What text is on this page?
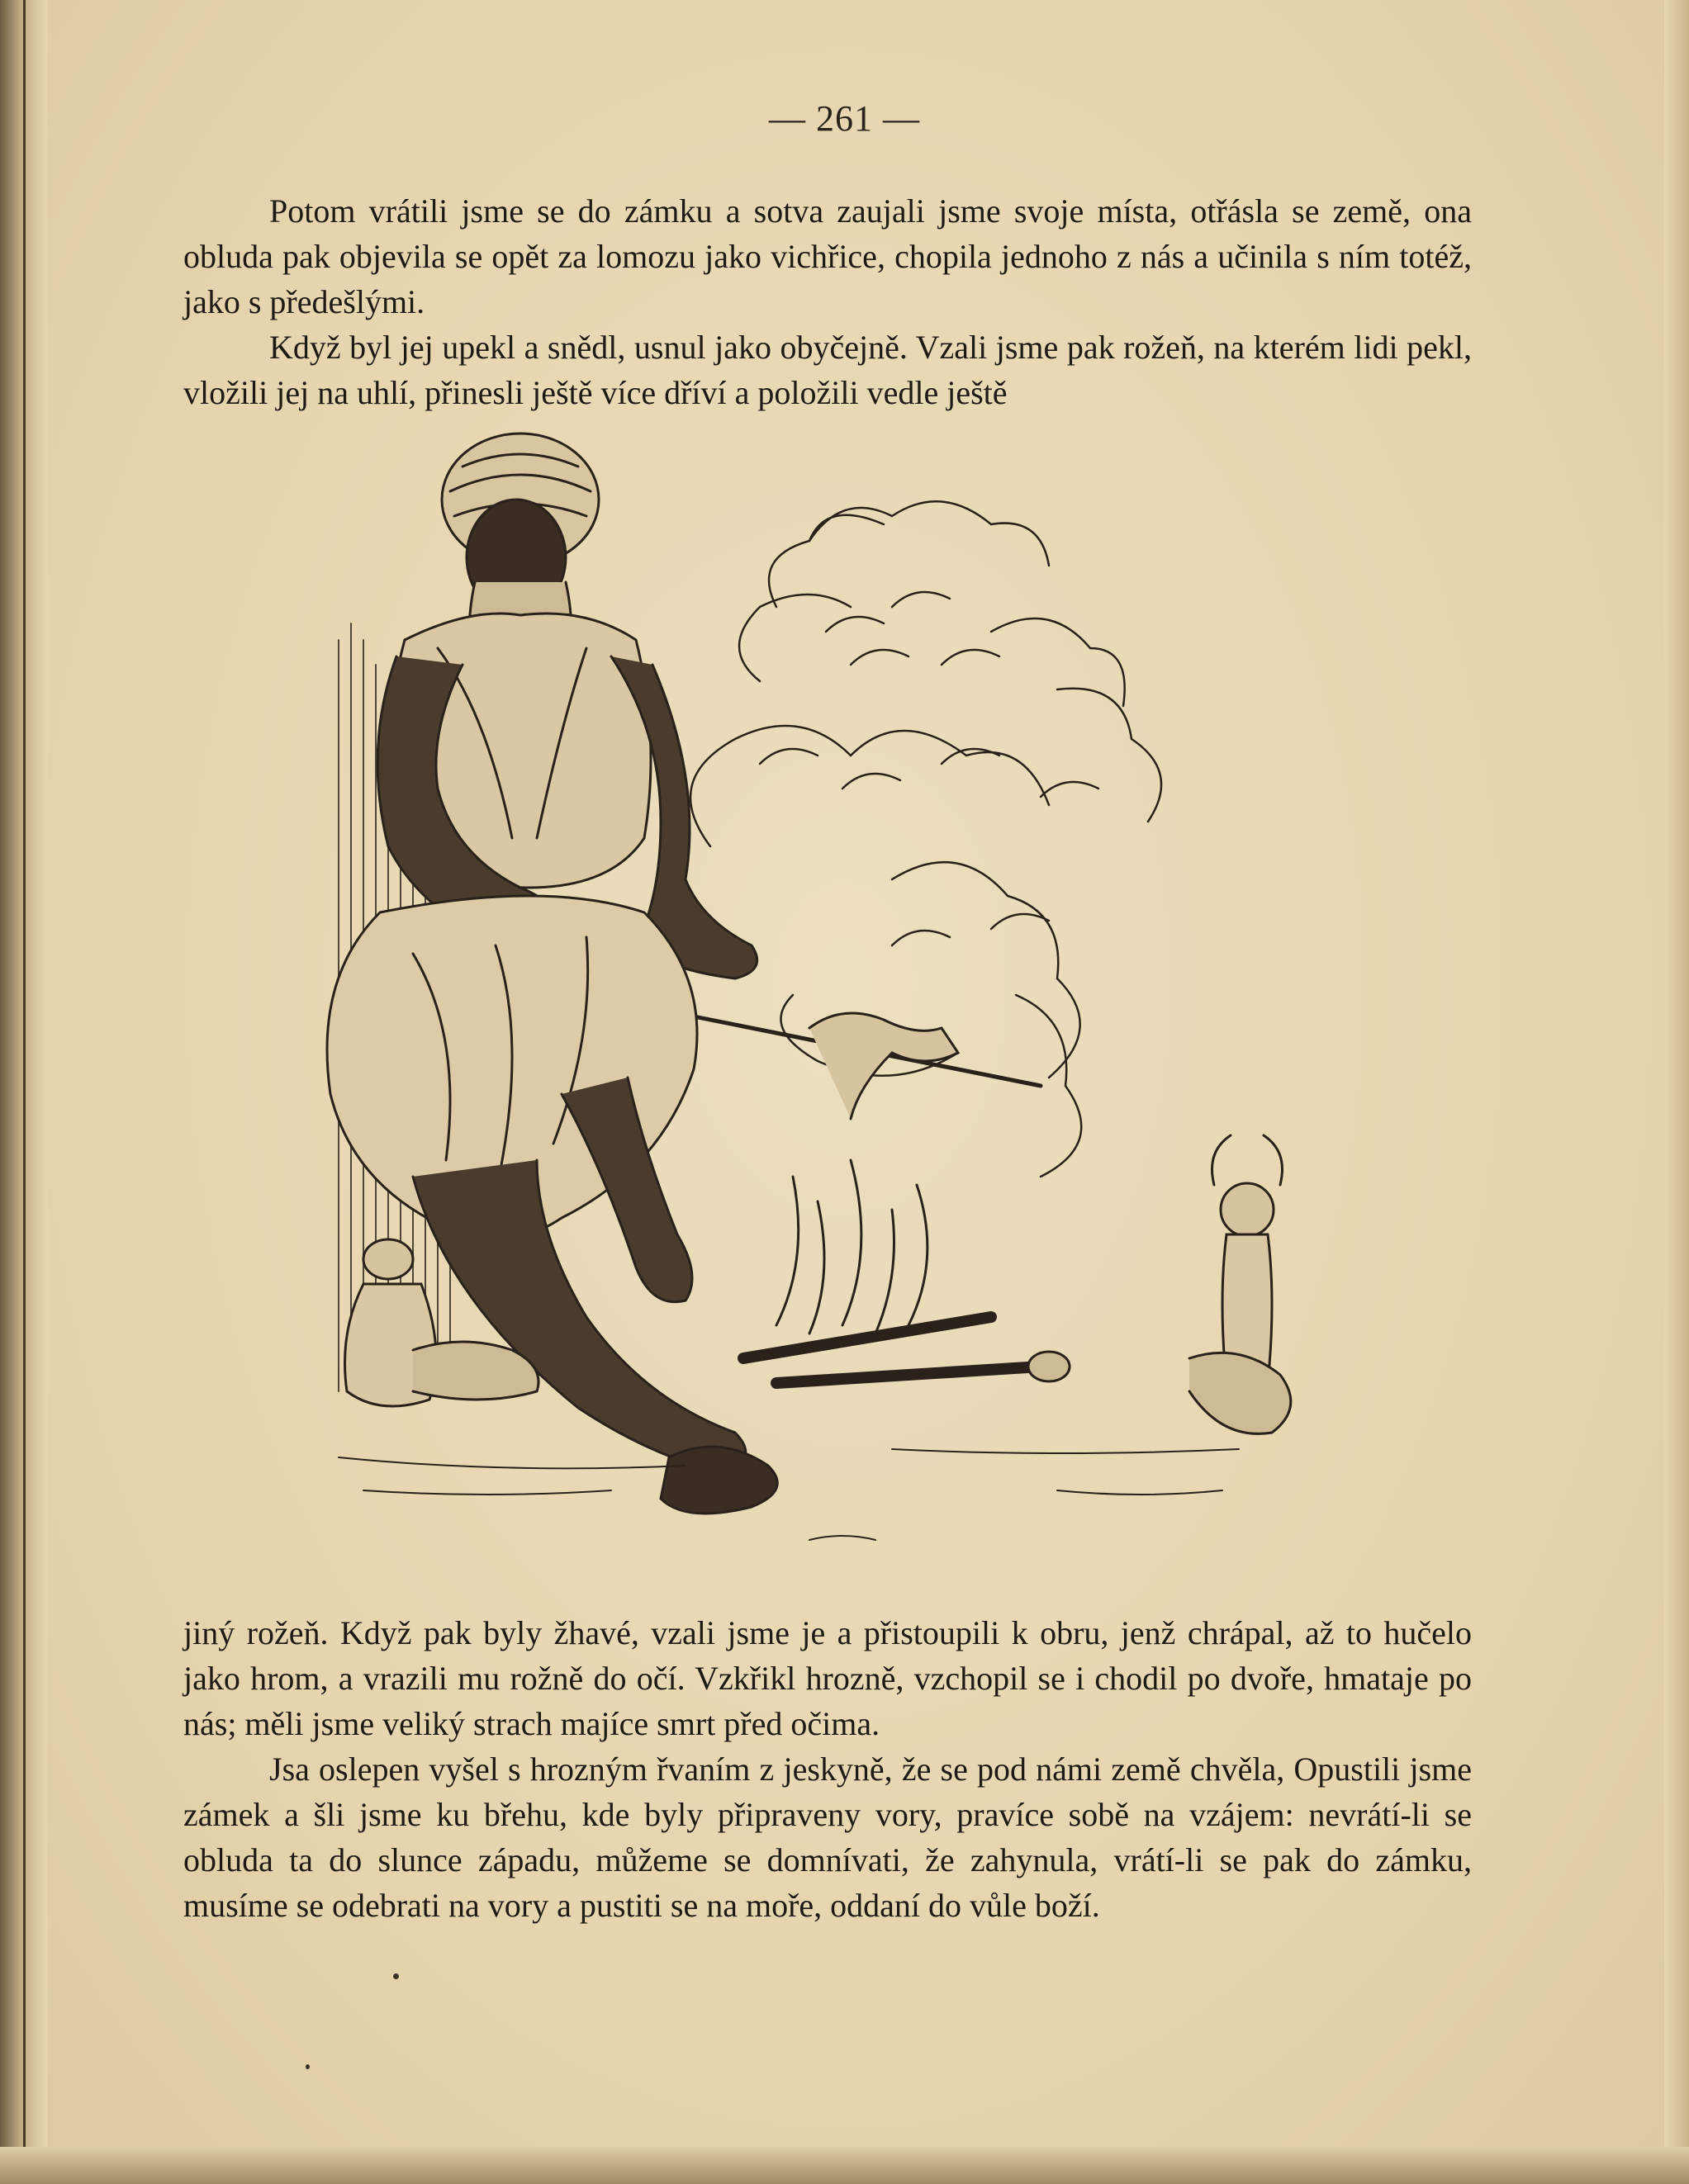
— 261 —

Potom vrátili jsme se do zámku a sotva zaujali jsme svoje místa, otřásla se země, ona obluda pak objevila se opět za lomozu jako vichřice, chopila jednoho z nás a učinila s ním totéž, jako s předešlými.

Když byl jej upekl a snědl, usnul jako obyčejně. Vzali jsme pak rožeň, na kterém lidi pekl, vložili jej na uhlí, přinesli ještě více dříví a položili vedle ještě

jiný rožeň. Když pak byly žhavé, vzali jsme je a přistoupili k obru, jenž chrápal, až to hučelo jako hrom, a vrazili mu rožně do očí. Vzkřikl hrozně, vzchopil se i chodil po dvoře, hmataje po nás; měli jsme veliký strach majíce smrt před očima.

Jsa oslepen vyšel s hrozným řvaním z jeskyně, že se pod námi země chvěla, Opustili jsme zámek a šli jsme ku břehu, kde byly připraveny vory, pravíce sobě na vzájem: nevrátí-li se obluda ta do slunce západu, můžeme se domnívati, že zahynula, vrátí-li se pak do zámku, musíme se odebrati na vory a pustiti se na moře, oddaní do vůle boží.
